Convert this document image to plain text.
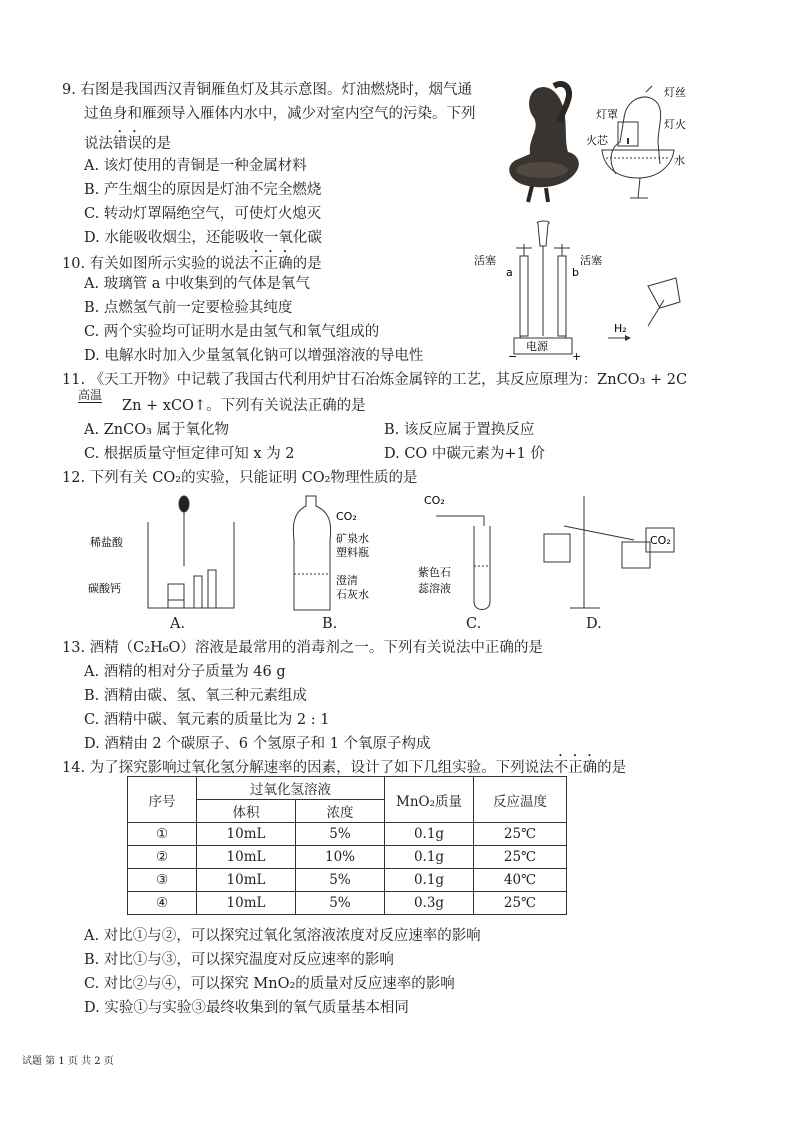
9. 右图是我国西汉青铜雁鱼灯及其示意图。灯油燃烧时，烟气通
过鱼身和雁颈导入雁体内水中，减少对室内空气的污染。下列
说法错误的是
A. 该灯使用的青铜是一种金属材料
B. 产生烟尘的原因是灯油不完全燃烧
C. 转动灯罩隔绝空气，可使灯火熄灭
D. 水能吸收烟尘，还能吸收一氧化碳
灯丝
灯罩
灯火
火芯
水
10. 有关如图所示实验的说法不正确的是
A. 玻璃管 a 中收集到的气体是氧气
B. 点燃氢气前一定要检验其纯度
C. 两个实验均可证明水是由氢气和氧气组成的
D. 电解水时加入少量氢氧化钠可以增强溶液的导电性
活塞	活塞
a	b
电源
−	+
H₂
11. 《天工开物》中记载了我国古代利用炉甘石冶炼金属锌的工艺，其反应原理为：ZnCO₃ + 2C
高温
Zn + xCO↑。下列有关说法正确的是
A. ZnCO₃ 属于氧化物	B. 该反应属于置换反应
C. 根据质量守恒定律可知 x 为 2	D. CO 中碳元素为+1 价
12. 下列有关 CO₂的实验，只能证明 CO₂物理性质的是
稀盐酸
碳酸钙
CO₂
矿泉水
塑料瓶
澄清
石灰水
CO₂
紫色石
蕊溶液
CO₂
A.	B.	C.	D.
13. 酒精（C₂H₆O）溶液是最常用的消毒剂之一。下列有关说法中正确的是
A. 酒精的相对分子质量为 46 g
B. 酒精由碳、氢、氧三种元素组成
C. 酒精中碳、氧元素的质量比为 2 : 1
D. 酒精由 2 个碳原子、6 个氢原子和 1 个氧原子构成
14. 为了探究影响过氧化氢分解速率的因素，设计了如下几组实验。下列说法不正确的是
序号	过氧化氢溶液		MnO₂质量	反应温度
	体积	浓度		
①	10mL	5%	0.1g	25℃
②	10mL	10%	0.1g	25℃
③	10mL	5%	0.1g	40℃
④	10mL	5%	0.3g	25℃
A. 对比①与②，可以探究过氧化氢溶液浓度对反应速率的影响
B. 对比①与③，可以探究温度对反应速率的影响
C. 对比②与④，可以探究 MnO₂的质量对反应速率的影响
D. 实验①与实验③最终收集到的氧气质量基本相同
试题 第 1 页 共 2 页
